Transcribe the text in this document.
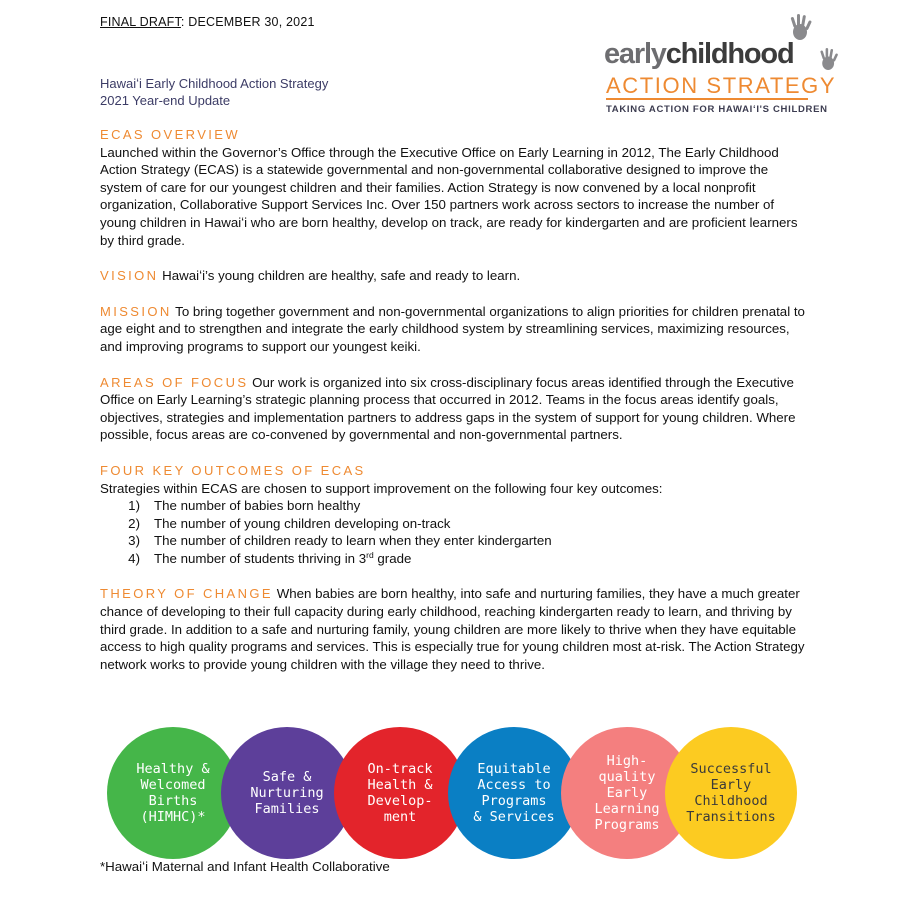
FINAL DRAFT: DECEMBER 30, 2021
Hawaiʻi Early Childhood Action Strategy
2021 Year-end Update
earlychildhood
ACTION STRATEGY
TAKING ACTION FOR HAWAIʻI'S CHILDREN

ECAS OVERVIEW
Launched within the Governor’s Office through the Executive Office on Early Learning in 2012, The Early Childhood Action Strategy (ECAS) is a statewide governmental and non-governmental collaborative designed to improve the system of care for our youngest children and their families. Action Strategy is now convened by a local nonprofit organization, Collaborative Support Services Inc. Over 150 partners work across sectors to increase the number of young children in Hawaiʻi who are born healthy, develop on track, are ready for kindergarten and are proficient learners by third grade.

VISION Hawaiʻi’s young children are healthy, safe and ready to learn.

MISSION To bring together government and non-governmental organizations to align priorities for children prenatal to age eight and to strengthen and integrate the early childhood system by streamlining services, maximizing resources, and improving programs to support our youngest keiki.

AREAS OF FOCUS Our work is organized into six cross-disciplinary focus areas identified through the Executive Office on Early Learning’s strategic planning process that occurred in 2012. Teams in the focus areas identify goals, objectives, strategies and implementation partners to address gaps in the system of support for young children. Where possible, focus areas are co-convened by governmental and non-governmental partners.

FOUR KEY OUTCOMES OF ECAS
Strategies within ECAS are chosen to support improvement on the following four key outcomes:

1)	The number of babies born healthy
2)	The number of young children developing on-track
3)	The number of children ready to learn when they enter kindergarten
4)	The number of students thriving in 3rd grade

THEORY OF CHANGE When babies are born healthy, into safe and nurturing families, they have a much greater chance of developing to their full capacity during early childhood, reaching kindergarten ready to learn, and thriving by third grade. In addition to a safe and nurturing family, young children are more likely to thrive when they have equitable access to high quality programs and services. This is especially true for young children most at-risk. The Action Strategy network works to provide young children with the village they need to thrive.

Healthy &
Welcomed
Births
(HIMHC)*
Safe &
Nurturing
Families
On-track
Health &
Develop-
ment
Equitable
Access to
Programs
& Services
High-
quality
Early
Learning
Programs
Successful
Early
Childhood
Transitions
*Hawaiʻi Maternal and Infant Health Collaborative
